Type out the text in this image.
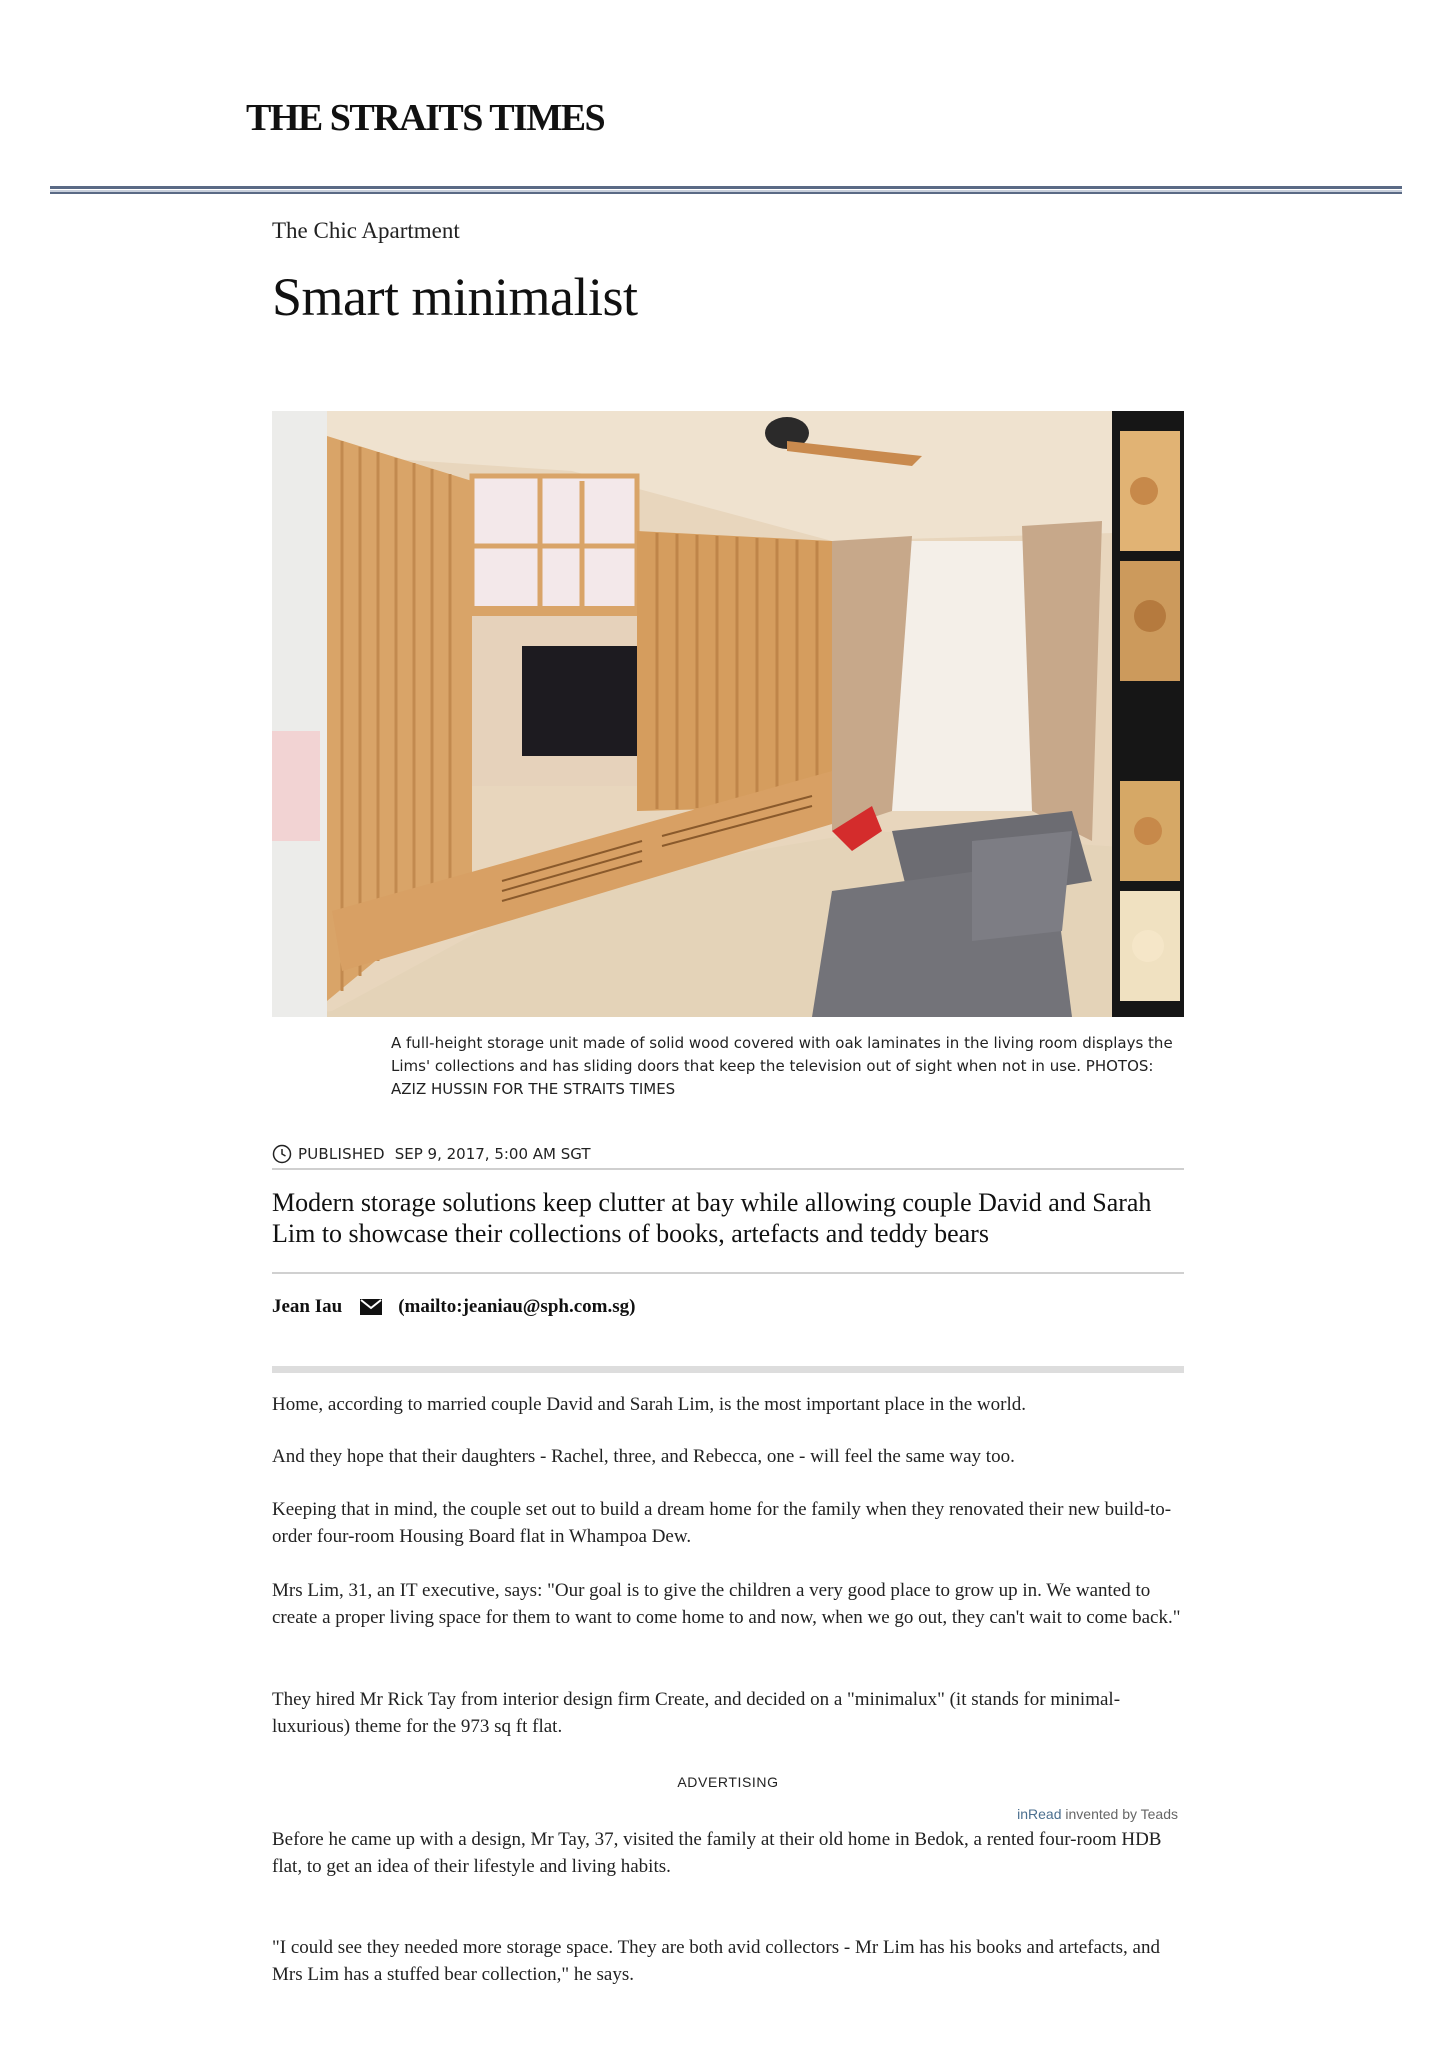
THE STRAITS TIMES
The Chic Apartment
Smart minimalist
A full-height storage unit made of solid wood covered with oak laminates in the living room displays the Lims' collections and has sliding doors that keep the television out of sight when not in use. PHOTOS: AZIZ HUSSIN FOR THE STRAITS TIMES
PUBLISHED SEP 9, 2017, 5:00 AM SGT
Modern storage solutions keep clutter at bay while allowing couple David and Sarah Lim to showcase their collections of books, artefacts and teddy bears
Jean Iau	(mailto:jeaniau@sph.com.sg)

Home, according to married couple David and Sarah Lim, is the most important place in the world.

And they hope that their daughters - Rachel, three, and Rebecca, one - will feel the same way too.

Keeping that in mind, the couple set out to build a dream home for the family when they renovated their new build-to-order four-room Housing Board flat in Whampoa Dew.

Mrs Lim, 31, an IT executive, says: "Our goal is to give the children a very good place to grow up in. We wanted to create a proper living space for them to want to come home to and now, when we go out, they can't wait to come back."

They hired Mr Rick Tay from interior design firm Create, and decided on a "minimalux" (it stands for minimal-luxurious) theme for the 973 sq ft flat.

ADVERTISING
inRead invented by Teads

Before he came up with a design, Mr Tay, 37, visited the family at their old home in Bedok, a rented four-room HDB flat, to get an idea of their lifestyle and living habits.

"I could see they needed more storage space. They are both avid collectors - Mr Lim has his books and artefacts, and Mrs Lim has a stuffed bear collection," he says.
